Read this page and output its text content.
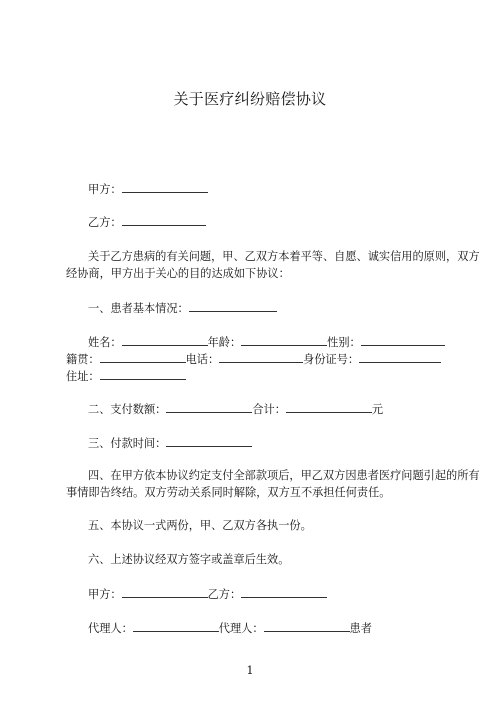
关于医疗纠纷赔偿协议
甲方：
乙方：
关于乙方患病的有关问题，甲、乙双方本着平等、自愿、诚实信用的原则，双方
经协商，甲方出于关心的目的达成如下协议：
一、患者基本情况：
姓名：	年龄：	性别：
籍贯：	电话：	身份证号：
住址：
二、支付数额：	合计：	元
三、付款时间：
四、在甲方依本协议约定支付全部款项后，甲乙双方因患者医疗问题引起的所有
事情即告终结。双方劳动关系同时解除，双方互不承担任何责任。
五、本协议一式两份，甲、乙双方各执一份。
六、上述协议经双方签字或盖章后生效。
甲方：	乙方：
代理人：	代理人：	患者
1
